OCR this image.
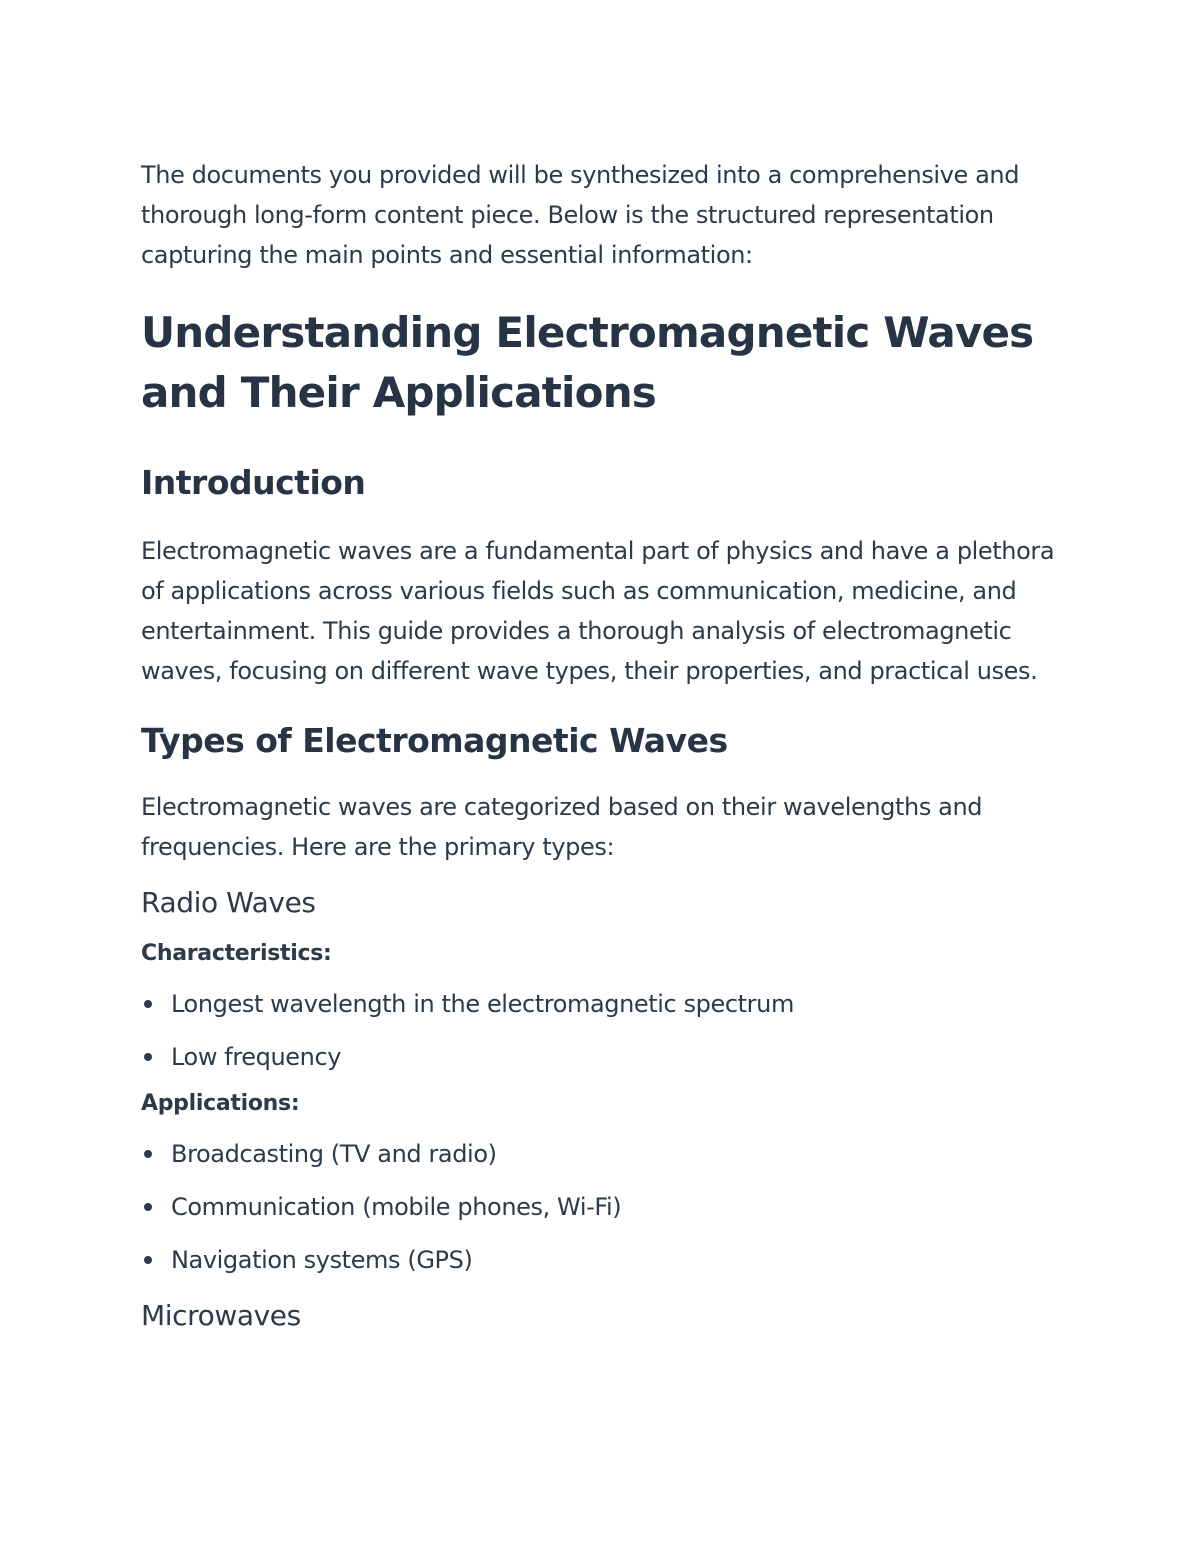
The documents you provided will be synthesized into a comprehensive and thorough long-form content piece. Below is the structured representation capturing the main points and essential information:

Understanding Electromagnetic Waves and Their Applications
Introduction

Electromagnetic waves are a fundamental part of physics and have a plethora of applications across various fields such as communication, medicine, and entertainment. This guide provides a thorough analysis of electromagnetic waves, focusing on different wave types, their properties, and practical uses.

Types of Electromagnetic Waves

Electromagnetic waves are categorized based on their wavelengths and frequencies. Here are the primary types:

Radio Waves
Characteristics:
Longest wavelength in the electromagnetic spectrum
Low frequency
Applications:
Broadcasting (TV and radio)
Communication (mobile phones, Wi-Fi)
Navigation systems (GPS)
Microwaves
